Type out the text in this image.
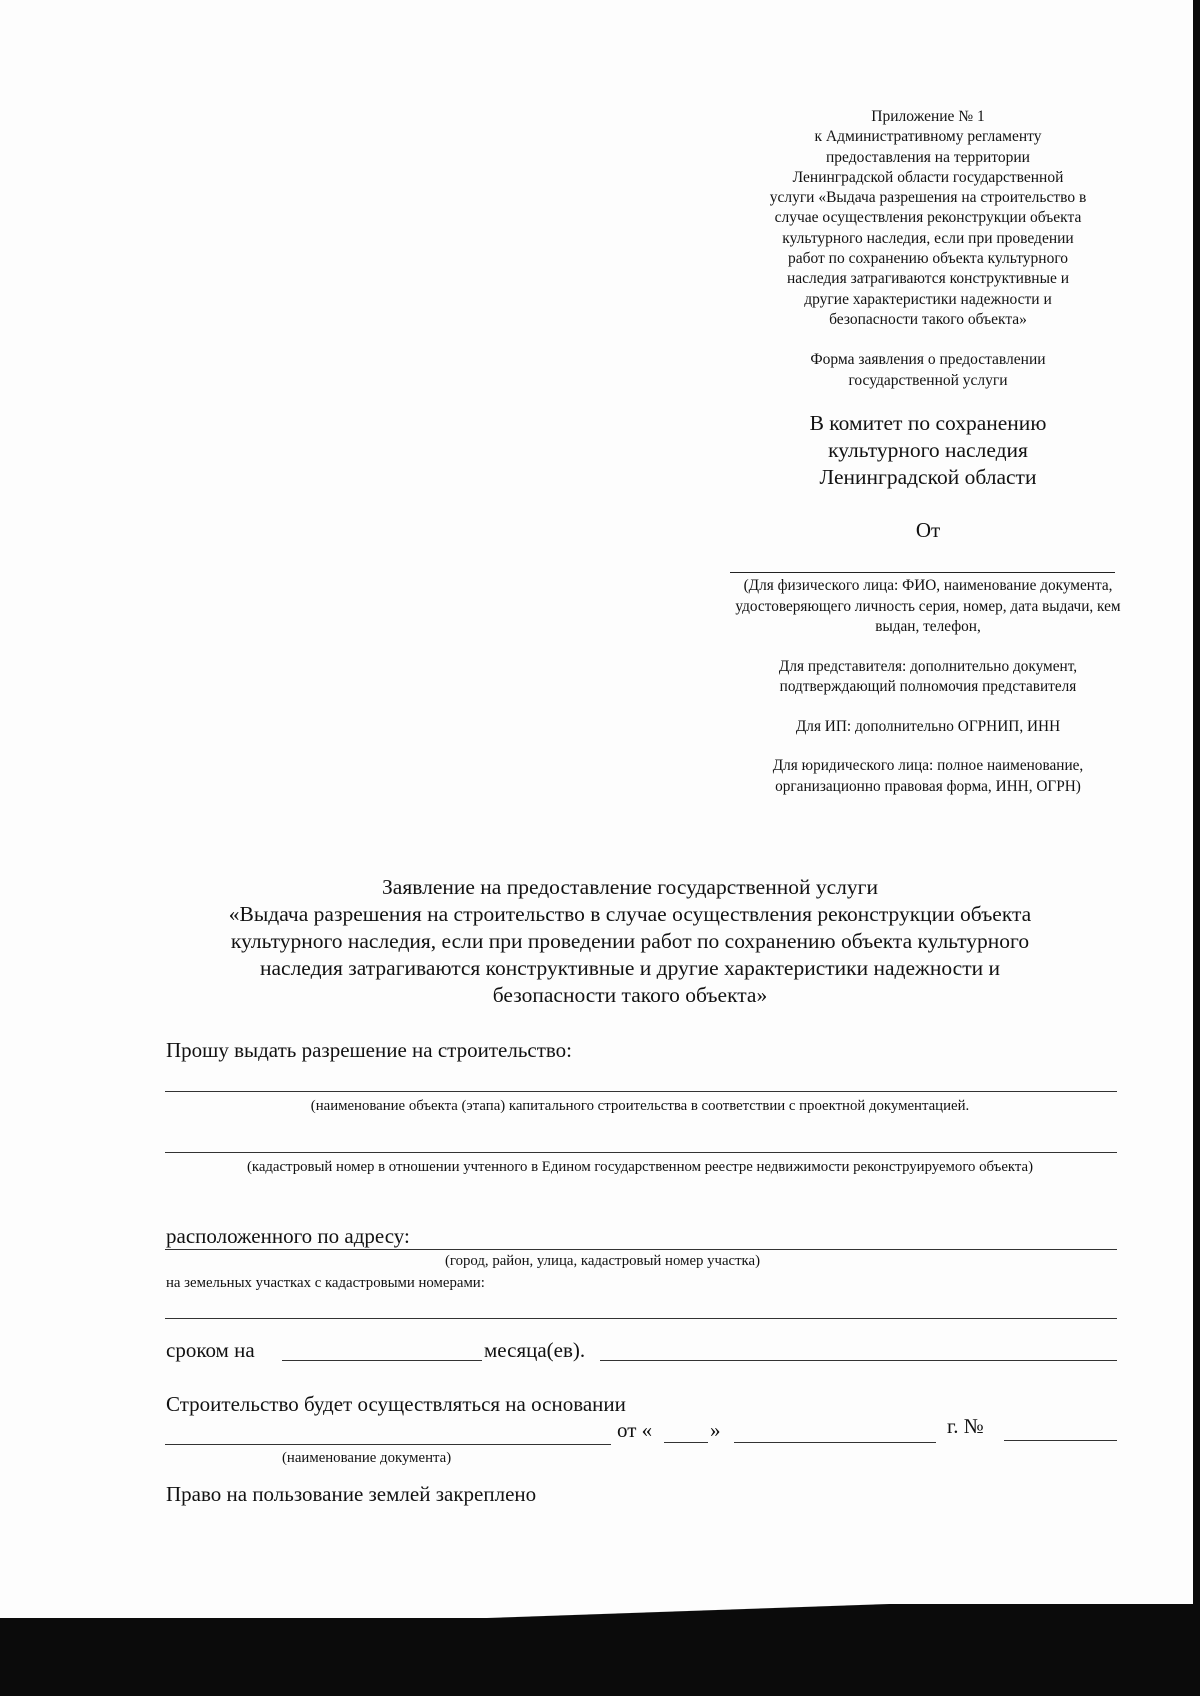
Приложение № 1
к Административному регламенту
предоставления на территории
Ленинградской области государственной
услуги «Выдача разрешения на строительство в
случае осуществления реконструкции объекта
культурного наследия, если при проведении
работ по сохранению объекта культурного
наследия затрагиваются конструктивные и
другие характеристики надежности и
безопасности такого объекта»
Форма заявления о предоставлении
государственной услуги
В комитет по сохранению
культурного наследия
Ленинградской области
От

(Для физического лица: ФИО, наименование документа, удостоверяющего личность серия, номер, дата выдачи, кем выдан, телефон,

Для представителя: дополнительно документ, подтверждающий полномочия представителя

Для ИП: дополнительно ОГРНИП, ИНН

Для юридического лица: полное наименование, организационно правовая форма, ИНН, ОГРН)

Заявление на предоставление государственной услуги
«Выдача разрешения на строительство в случае осуществления реконструкции объекта
культурного наследия, если при проведении работ по сохранению объекта культурного
наследия затрагиваются конструктивные и другие характеристики надежности и
безопасности такого объекта»
Прошу выдать разрешение на строительство:
(наименование объекта (этапа) капитального строительства в соответствии с проектной документацией.
(кадастровый номер в отношении учтенного в Едином государственном реестре недвижимости реконструируемого объекта)
расположенного по адресу:
(город, район, улица, кадастровый номер участка)
на земельных участках с кадастровыми номерами:
сроком на	месяца(ев).
Строительство будет осуществляться на основании
от «	»	г. №
(наименование документа)
Право на пользование землей закреплено
